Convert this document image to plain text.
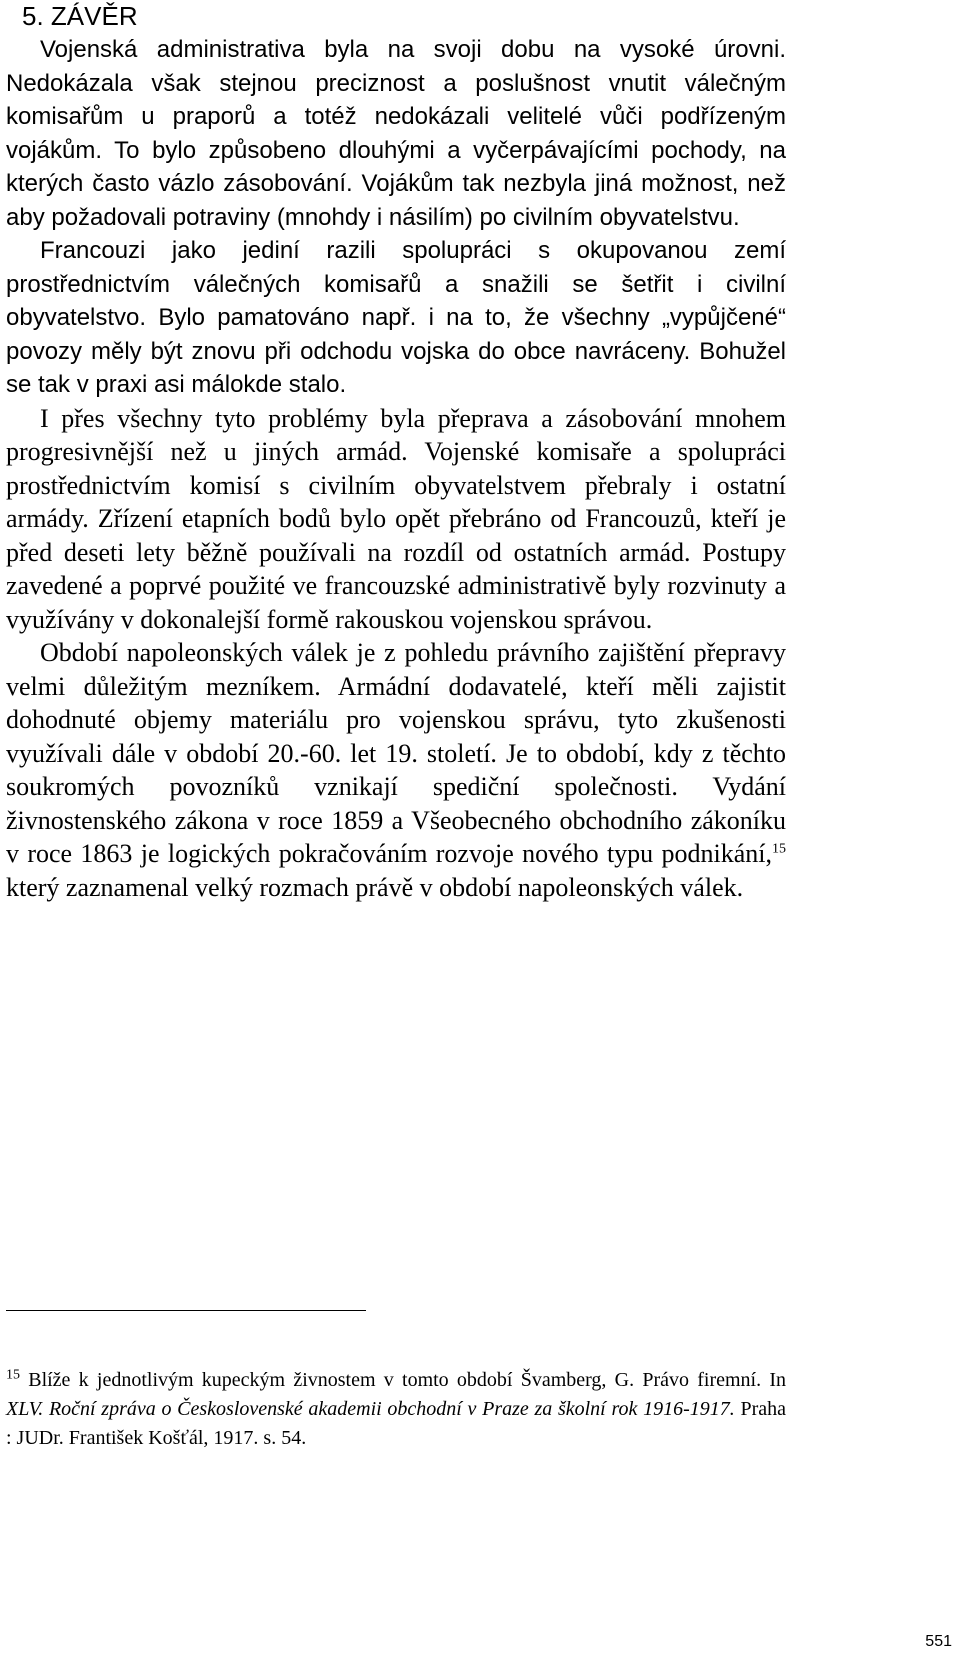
5. ZÁVĚR

Vojenská administrativa byla na svoji dobu na vysoké úrovni. Nedokázala však stejnou preciznost a poslušnost vnutit válečným komisařům u praporů a totéž nedokázali velitelé vůči podřízeným vojákům. To bylo způsobeno dlouhými a vyčerpávajícími pochody, na kterých často vázlo zásobování. Vojákům tak nezbyla jiná možnost, než aby požadovali potraviny (mnohdy i násilím) po civilním obyvatelstvu.

Francouzi jako jediní razili spolupráci s okupovanou zemí prostřednictvím válečných komisařů a snažili se šetřit i civilní obyvatelstvo. Bylo pamatováno např. i na to, že všechny „vypůjčené“ povozy měly být znovu při odchodu vojska do obce navráceny. Bohužel se tak v praxi asi málokde stalo.

I přes všechny tyto problémy byla přeprava a zásobování mnohem progresivnější než u jiných armád. Vojenské komisaře a spolupráci prostřednictvím komisí s civilním obyvatelstvem přebraly i ostatní armády. Zřízení etapních bodů bylo opět přebráno od Francouzů, kteří je před deseti lety běžně používali na rozdíl od ostatních armád. Postupy zavedené a poprvé použité ve francouzské administrativě byly rozvinuty a využívány v dokonalejší formě rakouskou vojenskou správou.

Období napoleonských válek je z pohledu právního zajištění přepravy velmi důležitým mezníkem. Armádní dodavatelé, kteří měli zajistit dohodnuté objemy materiálu pro vojenskou správu, tyto zkušenosti využívali dále v období 20.-60. let 19. století. Je to období, kdy z těchto soukromých povozníků vznikají spediční společnosti. Vydání živnostenského zákona v roce 1859 a Všeobecného obchodního zákoníku v roce 1863 je logických pokračováním rozvoje nového typu podnikání,$^{15}$ který zaznamenal velký rozmach právě v období napoleonských válek.

$^{15}$ Blíže k jednotlivým kupeckým živnostem v tomto období Švamberg, G. Právo firemní. In XLV. Roční zpráva o Československé akademii obchodní v Praze za školní rok 1916-1917. Praha : JUDr. František Košťál, 1917. s. 54.

551
